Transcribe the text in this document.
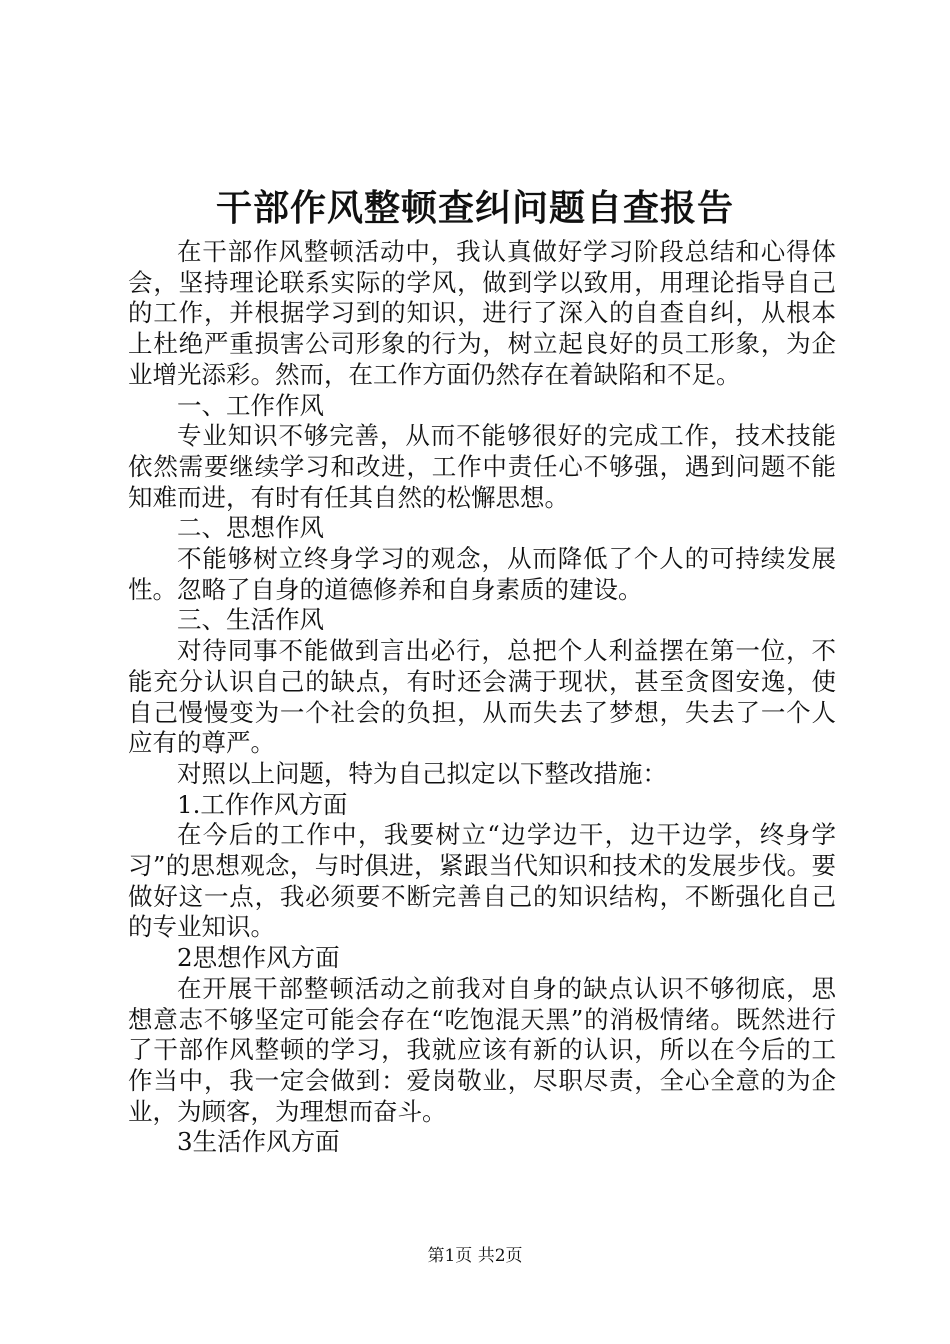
干部作风整顿查纠问题自查报告

在干部作风整顿活动中，我认真做好学习阶段总结和心得体会，坚持理论联系实际的学风，做到学以致用，用理论指导自己的工作，并根据学习到的知识，进行了深入的自查自纠，从根本上杜绝严重损害公司形象的行为，树立起良好的员工形象，为企业增光添彩。然而，在工作方面仍然存在着缺陷和不足。

一、工作作风

专业知识不够完善，从而不能够很好的完成工作，技术技能依然需要继续学习和改进，工作中责任心不够强，遇到问题不能知难而进，有时有任其自然的松懈思想。

二、思想作风

不能够树立终身学习的观念，从而降低了个人的可持续发展性。忽略了自身的道德修养和自身素质的建设。

三、生活作风

对待同事不能做到言出必行，总把个人利益摆在第一位，不能充分认识自己的缺点，有时还会满于现状，甚至贪图安逸，使自己慢慢变为一个社会的负担，从而失去了梦想，失去了一个人应有的尊严。

对照以上问题，特为自己拟定以下整改措施：

1.工作作风方面

在今后的工作中，我要树立“边学边干，边干边学，终身学习”的思想观念，与时俱进，紧跟当代知识和技术的发展步伐。要做好这一点，我必须要不断完善自己的知识结构，不断强化自己的专业知识。

2思想作风方面

在开展干部整顿活动之前我对自身的缺点认识不够彻底，思想意志不够坚定可能会存在“吃饱混天黑”的消极情绪。既然进行了干部作风整顿的学习，我就应该有新的认识，所以在今后的工作当中，我一定会做到：爱岗敬业，尽职尽责，全心全意的为企业，为顾客，为理想而奋斗。

3生活作风方面

第1页 共2页
